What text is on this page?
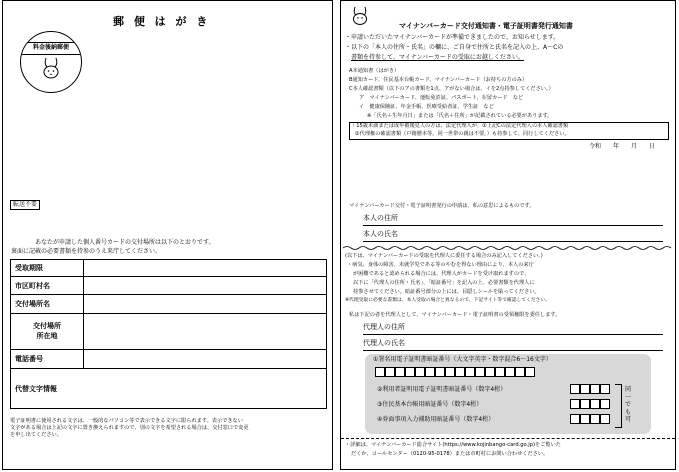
郵 便 は が き
料金後納郵便
転送不要
あなたが申請した個人番号カードの交付場所は以下のとおりです。
裏面に記載の必要書類を持参のうえ来庁してください。
受取期限	
市区町村名	
交付場所名	
交付場所
所在地	
電話番号	
代替文字情報	
電子証明書に使用される文字は、一般的なパソコン等で表示できる文字に限られます。表示できない
文字がある場合は上記の文字に置き換えられますので、別の文字を希望される場合は、交付窓口で変更
を申し出てください。
マイナンバーカード交付通知書・電子証明書発行通知書
・申請いただいたマイナンバーカードが準備できましたので、お知らせします。
・以下の「本人の住所・氏名」の欄に、ご自身で住所と氏名を記入の上、A～Cの
書類を持参して、マイナンバーカードの受取にお越しください。
A本通知書（はがき）
B通知カード、住民基本台帳カード、マイナンバーカード（お持ちの方のみ）
C本人確認書類（以下のアの書類を1点、アがない場合は、イを2点持参してください。）
ア　マイナンバーカード、運転免許証、パスポート、在留カード　など
イ　健康保険証、年金手帳、医療受給者証、学生証　など
※「氏名＋生年月日」または「氏名＋住所」が記載されている必要があります。
・15歳未満または成年被後見人の方は、法定代理人が、①上記Cの法定代理人の本人確認書類
②代理権の確認書類（戸籍謄本等。同一世帯の親は不要。）も持参して、同行してください。
令和　　年　　月　　日
マイナンバーカード交付・電子証明書発行の申請は、私の意思によるものです。
本人の住所
本人の氏名
(以下は、マイナンバーカードの受取を代理人に委任する場合のみ記入してください。)
・病気、身体の障害、未就学児である等のやむを得ない理由により、本人の来庁
が困難であると認められる場合には、代理人がカードを受け取れますので、
以下に「代理人の住所・氏名」、「暗証番号」を記入の上、必要書類を代理人に
持参させてください。暗証番号部分の上には、目隠しシールを貼ってください。
※代理受取に必要な書類は、本人受取の場合と異なるので、下記サイト等で確認してください。
私は下記の者を代理人として、マイナンバーカード・電子証明書の受領権限を委任します。
代理人の住所
代理人の氏名
①署名用電子証明書暗証番号（大文字英字・数字混合6～16文字）
②利用者証明用電子証明書暗証番号（数字4桁）
③住民基本台帳用暗証番号（数字4桁）
④券面事項入力補助用暗証番号（数字4桁）
同一でも可
・詳細は、マイナンバーカード総合サイト(https://www.kojinbango-card.go.jp)をご覧いた
だくか、コールセンター（0120-95-0178）または市町村にお問い合わせください。
